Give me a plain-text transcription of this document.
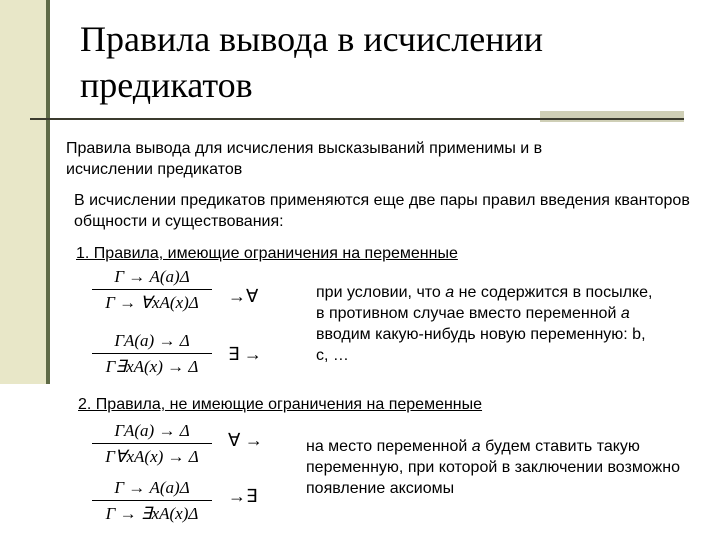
Правила вывода в исчислении предикатов
Правила вывода для исчисления высказываний применимы и в исчислении предикатов
В исчислении предикатов применяются еще две пары правил введения кванторов общности и существования:
1. Правила, имеющие ограничения на переменные
Γ → A(a)Δ
Γ → ∀xA(x)Δ	→∀
ΓA(a) → Δ
Γ∃xA(x) → Δ
∃ →
при условии, что а не содержится в посылке, в противном случае вместо переменной а вводим какую-нибудь новую переменную: b, c, …
2. Правила, не имеющие ограничения на переменные
ΓA(a) → Δ
Γ∀xA(x) → Δ
∀ →
Γ → A(a)Δ
Γ → ∃xA(x)Δ
→∃
на место переменной а будем ставить такую переменную, при которой в заключении возможно появление аксиомы
